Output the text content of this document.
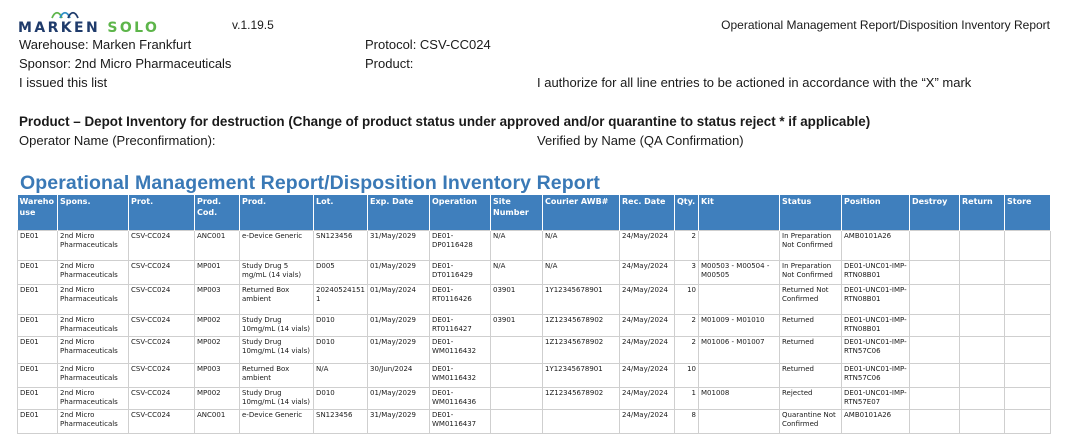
MARKEN SOLO	v.1.19.5	Operational Management Report/Disposition Inventory Report
Warehouse: Marken Frankfurt	Protocol: CSV-CC024
Sponsor: 2nd Micro Pharmaceuticals	Product:
I issued this list	I authorize for all line entries to be actioned in accordance with the “X” mark
Product – Depot Inventory for destruction (Change of product status under approved and/or quarantine to status reject * if applicable)
Operator Name (Preconfirmation):	Verified by Name (QA Confirmation)
Operational Management Report/Disposition Inventory Report
Wareho use	Spons.	Prot.	Prod. Cod.	Prod.	Lot.	Exp. Date	Operation	Site Number	Courier AWB#	Rec. Date	Qty.	Kit	Status	Position	Destroy	Return	Store
DE01	2nd Micro Pharmaceuticals	CSV-CC024	ANC001	e-Device Generic	SN123456	31/May/2029	DE01-DP0116428	N/A	N/A	24/May/2024	2		In Preparation Not Confirmed	AMB0101A26			
DE01	2nd Micro Pharmaceuticals	CSV-CC024	MP001	Study Drug 5 mg/mL (14 vials)	D005	01/May/2029	DE01-DT0116429	N/A	N/A	24/May/2024	3	M00503 - M00504 - M00505	In Preparation Not Confirmed	DE01-UNC01-IMP-RTN08B01			
DE01	2nd Micro Pharmaceuticals	CSV-CC024	MP003	Returned Box ambient	202405241511	01/May/2024	DE01-RT0116426	03901	1Y12345678901	24/May/2024	10		Returned Not Confirmed	DE01-UNC01-IMP-RTN08B01			
DE01	2nd Micro Pharmaceuticals	CSV-CC024	MP002	Study Drug 10mg/mL (14 vials)	D010	01/May/2029	DE01-RT0116427	03901	1Z12345678902	24/May/2024	2	M01009 - M01010	Returned	DE01-UNC01-IMP-RTN08B01			
DE01	2nd Micro Pharmaceuticals	CSV-CC024	MP002	Study Drug 10mg/mL (14 vials)	D010	01/May/2029	DE01-WM0116432		1Z12345678902	24/May/2024	2	M01006 - M01007	Returned	DE01-UNC01-IMP-RTN57C06			
DE01	2nd Micro Pharmaceuticals	CSV-CC024	MP003	Returned Box ambient	N/A	30/Jun/2024	DE01-WM0116432		1Y12345678901	24/May/2024	10		Returned	DE01-UNC01-IMP-RTN57C06			
DE01	2nd Micro Pharmaceuticals	CSV-CC024	MP002	Study Drug 10mg/mL (14 vials)	D010	01/May/2029	DE01-WM0116436		1Z12345678902	24/May/2024	1	M01008	Rejected	DE01-UNC01-IMP-RTN57E07			
DE01	2nd Micro Pharmaceuticals	CSV-CC024	ANC001	e-Device Generic	SN123456	31/May/2029	DE01-WM0116437			24/May/2024	8		Quarantine Not Confirmed	AMB0101A26			
